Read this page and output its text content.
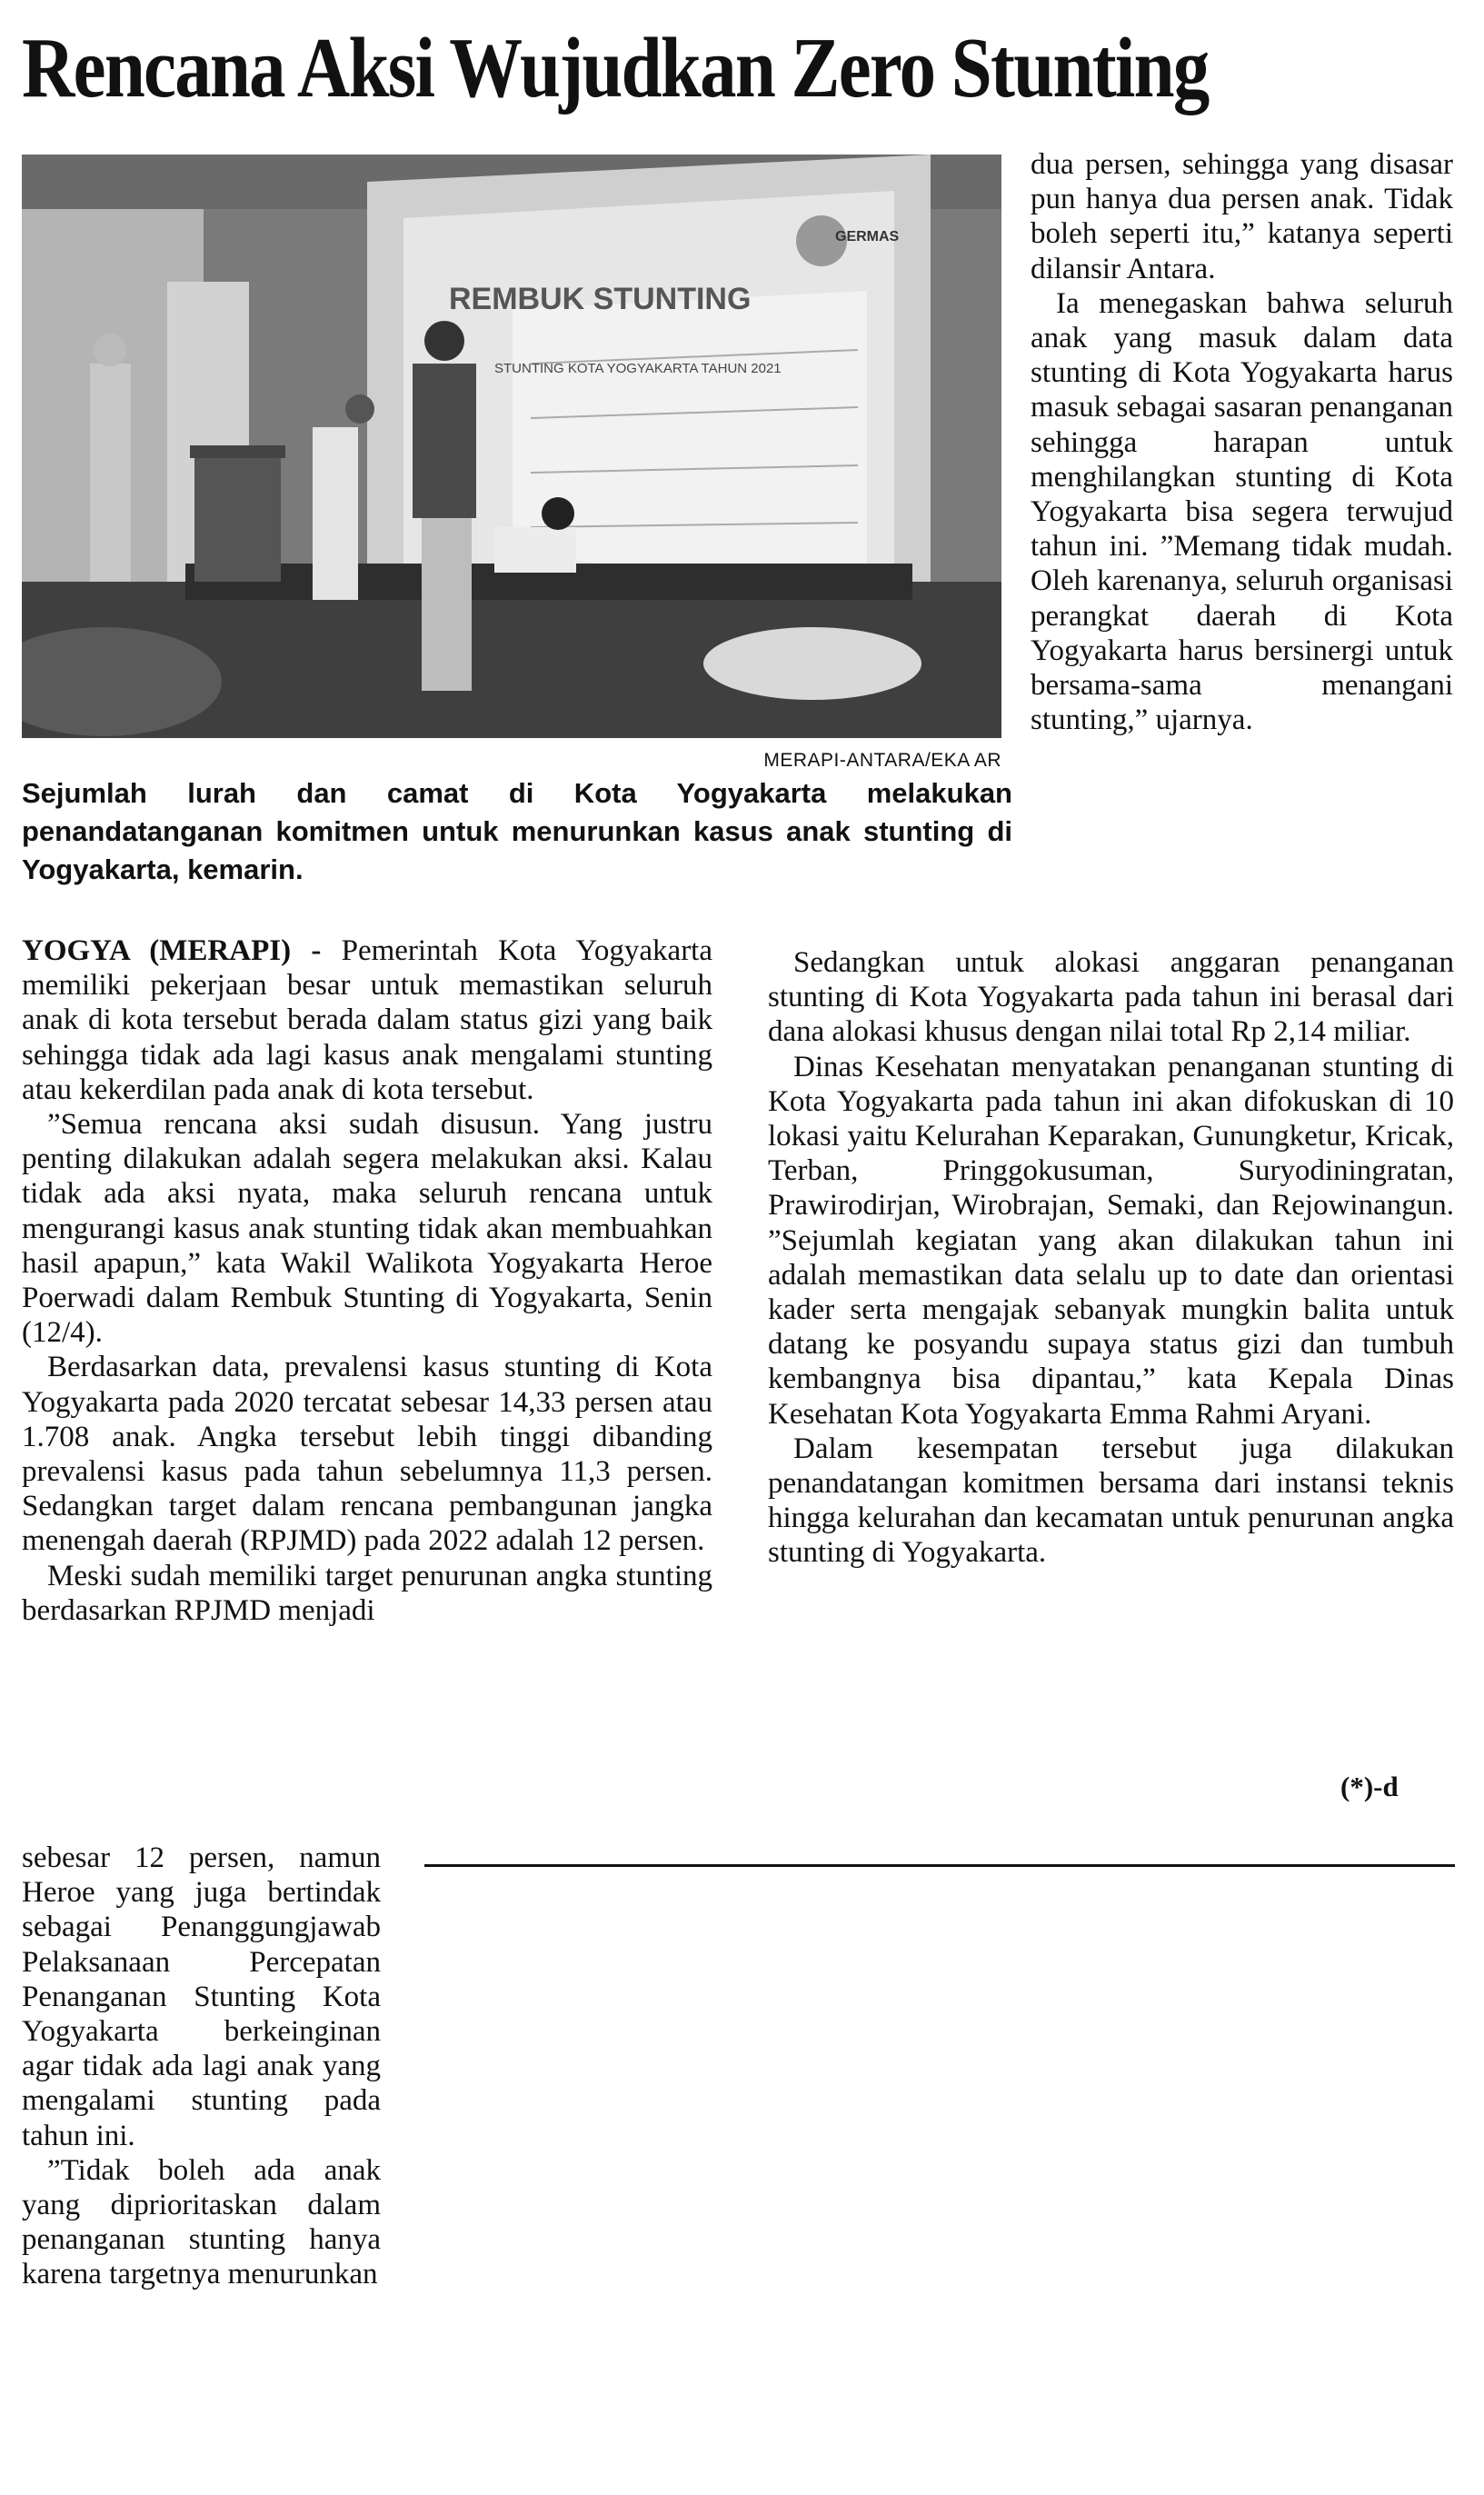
Rencana Aksi Wujudkan Zero Stunting
REMBUK STUNTING
STUNTING KOTA YOGYAKARTA TAHUN 2021
GERMAS
MERAPI-ANTARA/EKA AR
Sejumlah lurah dan camat di Kota Yogyakarta melakukan penandatanganan komitmen untuk menurunkan kasus anak stunting di Yogyakarta, kemarin.

YOGYA (MERAPI) - Pemerintah Kota Yogyakarta memiliki pekerjaan besar untuk memastikan seluruh anak di kota tersebut berada dalam status gizi yang baik sehingga tidak ada lagi kasus anak mengalami stunting atau kekerdilan pada anak di kota tersebut.

”Semua rencana aksi sudah disusun. Yang justru penting dilakukan adalah segera melakukan aksi. Kalau tidak ada aksi nyata, maka seluruh rencana untuk mengurangi kasus anak stunting tidak akan membuahkan hasil apapun,” kata Wakil Walikota Yogyakarta Heroe Poerwadi dalam Rembuk Stunting di Yogyakarta, Senin (12/4).

Berdasarkan data, prevalensi kasus stunting di Kota Yogyakarta pada 2020 tercatat sebesar 14,33 persen atau 1.708 anak. Angka tersebut lebih tinggi dibanding prevalensi kasus pada tahun sebelumnya 11,3 persen. Sedangkan target dalam rencana pembangunan jangka menengah daerah (RPJMD) pada 2022 adalah 12 persen.

Meski sudah memiliki target penurunan angka stunting berdasarkan RPJMD menjadi

sebesar 12 persen, namun Heroe yang juga bertindak sebagai Penanggungjawab Pelaksanaan Percepatan Penanganan Stunting Kota Yogyakarta berkeinginan agar tidak ada lagi anak yang mengalami stunting pada tahun ini.

”Tidak boleh ada anak yang diprioritaskan dalam penanganan stunting hanya karena targetnya menurunkan

dua persen, sehingga yang disasar pun hanya dua persen anak. Tidak boleh seperti itu,” katanya seperti dilansir Antara.

Ia menegaskan bahwa seluruh anak yang masuk dalam data stunting di Kota Yogyakarta harus masuk sebagai sasaran penanganan sehingga harapan untuk menghilangkan stunting di Kota Yogyakarta bisa segera terwujud tahun ini. ”Memang tidak mudah. Oleh karenanya, seluruh organisasi perangkat daerah di Kota Yogyakarta harus bersinergi untuk bersama-sama menangani stunting,” ujarnya.

Sedangkan untuk alokasi anggaran penanganan stunting di Kota Yogyakarta pada tahun ini berasal dari dana alokasi khusus dengan nilai total Rp 2,14 miliar.

Dinas Kesehatan menyatakan penanganan stunting di Kota Yogyakarta pada tahun ini akan difokuskan di 10 lokasi yaitu Kelurahan Keparakan, Gunungketur, Kricak, Terban, Pringgokusuman, Suryodiningratan, Prawirodirjan, Wirobrajan, Semaki, dan Rejowinangun. ”Sejumlah kegiatan yang akan dilakukan tahun ini adalah memastikan data selalu up to date dan orientasi kader serta mengajak sebanyak mungkin balita untuk datang ke posyandu supaya status gizi dan tumbuh kembangnya bisa dipantau,” kata Kepala Dinas Kesehatan Kota Yogyakarta Emma Rahmi Aryani.

Dalam kesempatan tersebut juga dilakukan penandatangan komitmen bersama dari instansi teknis hingga kelurahan dan kecamatan untuk penurunan angka stunting di Yogyakarta.

(*)-d
